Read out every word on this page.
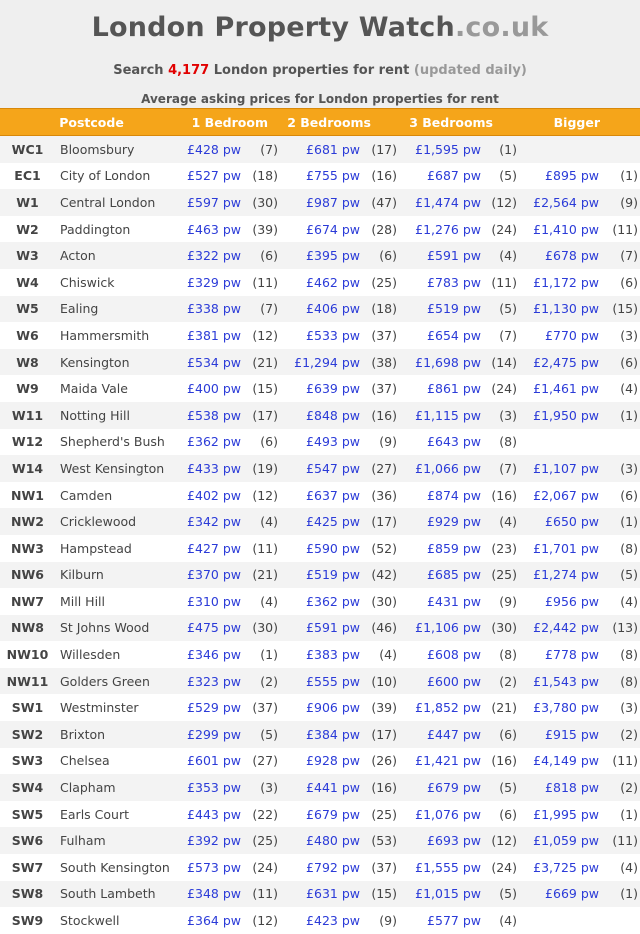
London Property Watch.co.uk
Search 4,177 London properties for rent (updated daily)
Average asking prices for London properties for rent
Postcode	1 Bedroom	2 Bedrooms	3 Bedrooms	Bigger
WC1	Bloomsbury	£428 pw	(7)	£681 pw (17)	£1,595 pw	(1)
EC1	City of London	£527 pw (18)	£755 pw (16)	£687 pw	(5)	£895 pw	(1)
W1	Central London	£597 pw (30)	£987 pw (47)	£1,474 pw (12)	£2,564 pw	(9)
W2	Paddington	£463 pw (39)	£674 pw (28)	£1,276 pw (24)	£1,410 pw	(11)
W3	Acton	£322 pw	(6)	£395 pw	(6)	£591 pw	(4)	£678 pw	(7)
W4	Chiswick	£329 pw (11)	£462 pw (25)	£783 pw (11)	£1,172 pw	(6)
W5	Ealing	£338 pw	(7)	£406 pw (18)	£519 pw	(5)	£1,130 pw	(15)
W6	Hammersmith	£381 pw (12)	£533 pw (37)	£654 pw	(7)	£770 pw	(3)
W8	Kensington	£534 pw (21)	£1,294 pw (38)	£1,698 pw (14)	£2,475 pw	(6)
W9	Maida Vale	£400 pw (15)	£639 pw (37)	£861 pw (24)	£1,461 pw	(4)
W11	Notting Hill	£538 pw (17)	£848 pw (16)	£1,115 pw	(3)	£1,950 pw	(1)
W12	Shepherd's Bush	£362 pw	(6)	£493 pw	(9)	£643 pw	(8)
W14	West Kensington	£433 pw (19)	£547 pw (27)	£1,066 pw	(7)	£1,107 pw	(3)
NW1	Camden	£402 pw (12)	£637 pw (36)	£874 pw (16)	£2,067 pw	(6)
NW2	Cricklewood	£342 pw	(4)	£425 pw (17)	£929 pw	(4)	£650 pw	(1)
NW3	Hampstead	£427 pw (11)	£590 pw (52)	£859 pw (23)	£1,701 pw	(8)
NW6	Kilburn	£370 pw (21)	£519 pw (42)	£685 pw (25)	£1,274 pw	(5)
NW7	Mill Hill	£310 pw	(4)	£362 pw (30)	£431 pw	(9)	£956 pw	(4)
NW8	St Johns Wood	£475 pw (30)	£591 pw (46)	£1,106 pw (30)	£2,442 pw	(13)
NW10 Willesden	£346 pw	(1)	£383 pw	(4)	£608 pw	(8)	£778 pw	(8)
NW11 Golders Green	£323 pw	(2)	£555 pw (10)	£600 pw	(2)	£1,543 pw	(8)
SW1	Westminster	£529 pw (37)	£906 pw (39)	£1,852 pw (21)	£3,780 pw	(3)
SW2	Brixton	£299 pw	(5)	£384 pw (17)	£447 pw	(6)	£915 pw	(2)
SW3	Chelsea	£601 pw (27)	£928 pw (26)	£1,421 pw (16)	£4,149 pw	(11)
SW4	Clapham	£353 pw	(3)	£441 pw (16)	£679 pw	(5)	£818 pw	(2)
SW5	Earls Court	£443 pw (22)	£679 pw (25)	£1,076 pw	(6)	£1,995 pw	(1)
SW6	Fulham	£392 pw (25)	£480 pw (53)	£693 pw (12)	£1,059 pw	(11)
SW7	South Kensington	£573 pw (24)	£792 pw (37)	£1,555 pw (24)	£3,725 pw	(4)
SW8	South Lambeth	£348 pw (11)	£631 pw (15)	£1,015 pw	(5)	£669 pw	(1)
SW9	Stockwell	£364 pw (12)	£423 pw	(9)	£577 pw	(4)
